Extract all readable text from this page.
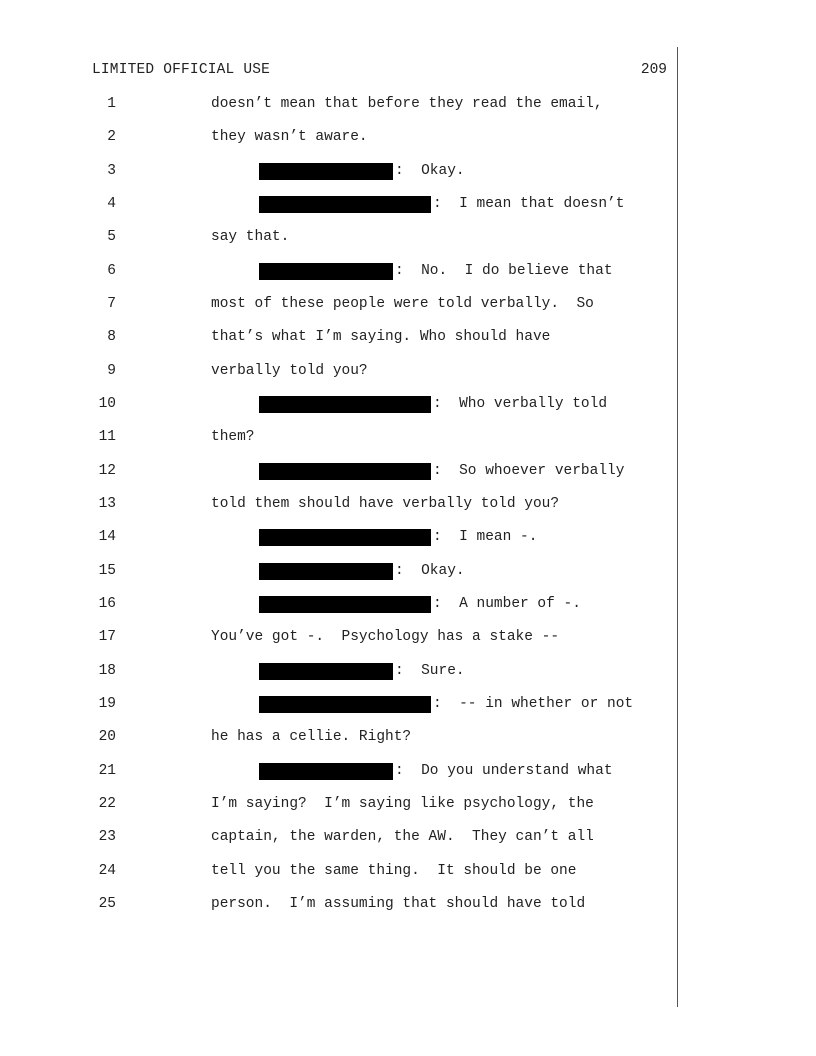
LIMITED OFFICIAL USE	209
1	doesn’t mean that before they read the email,
2	they wasn’t aware.
3	:  Okay.
4	:  I mean that doesn’t
5	say that.
6	:  No.  I do believe that
7	most of these people were told verbally.  So
8	that’s what I’m saying. Who should have
9	verbally told you?
10	:  Who verbally told
11	them?
12	:  So whoever verbally
13	told them should have verbally told you?
14	:  I mean -.
15	:  Okay.
16	:  A number of -.
17	You’ve got -.  Psychology has a stake --
18	:  Sure.
19	:  -- in whether or not
20	he has a cellie. Right?
21	:  Do you understand what
22	I’m saying?  I’m saying like psychology, the
23	captain, the warden, the AW.  They can’t all
24	tell you the same thing.  It should be one
25	person.  I’m assuming that should have told
